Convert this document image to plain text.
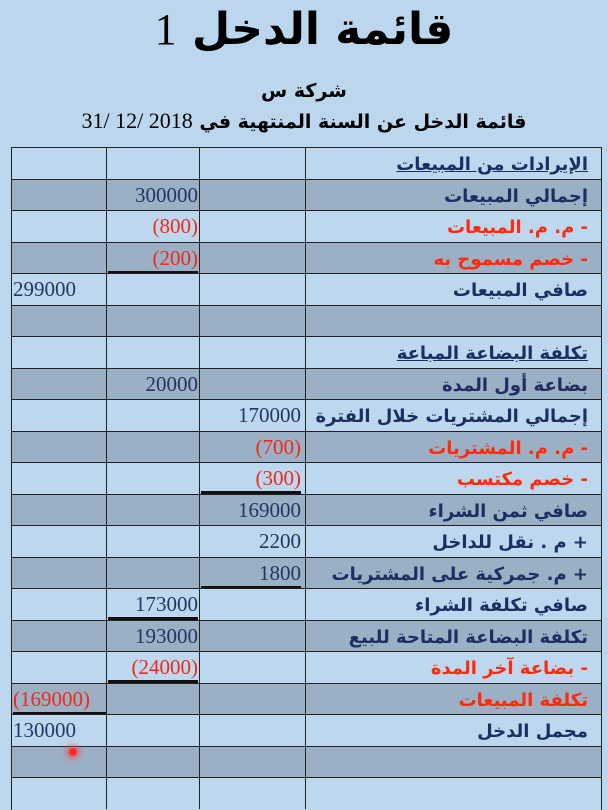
قائمة الدخل 1
شركة س
قائمة الدخل عن السنة المنتهية في 31/ 12/ 2018
الإيرادات من المبيعات
إجمالي المبيعات
300000
- م. م. المبيعات
(800)
- خصم مسموح به
(200)
صافي المبيعات
299000
تكلفة البضاعة المباعة
بضاعة أول المدة
20000
إجمالي المشتريات خلال الفترة
170000
- م. م. المشتريات
(700)
- خصم مكتسب
(300)
صافي ثمن الشراء
169000
+ م . نقل للداخل
2200
+ م. جمركية على المشتريات
1800
صافي تكلفة الشراء
173000
تكلفة البضاعة المتاحة للبيع
193000
- بضاعة آخر المدة
(24000)
تكلفة المبيعات
(169000)
مجمل الدخل
130000
